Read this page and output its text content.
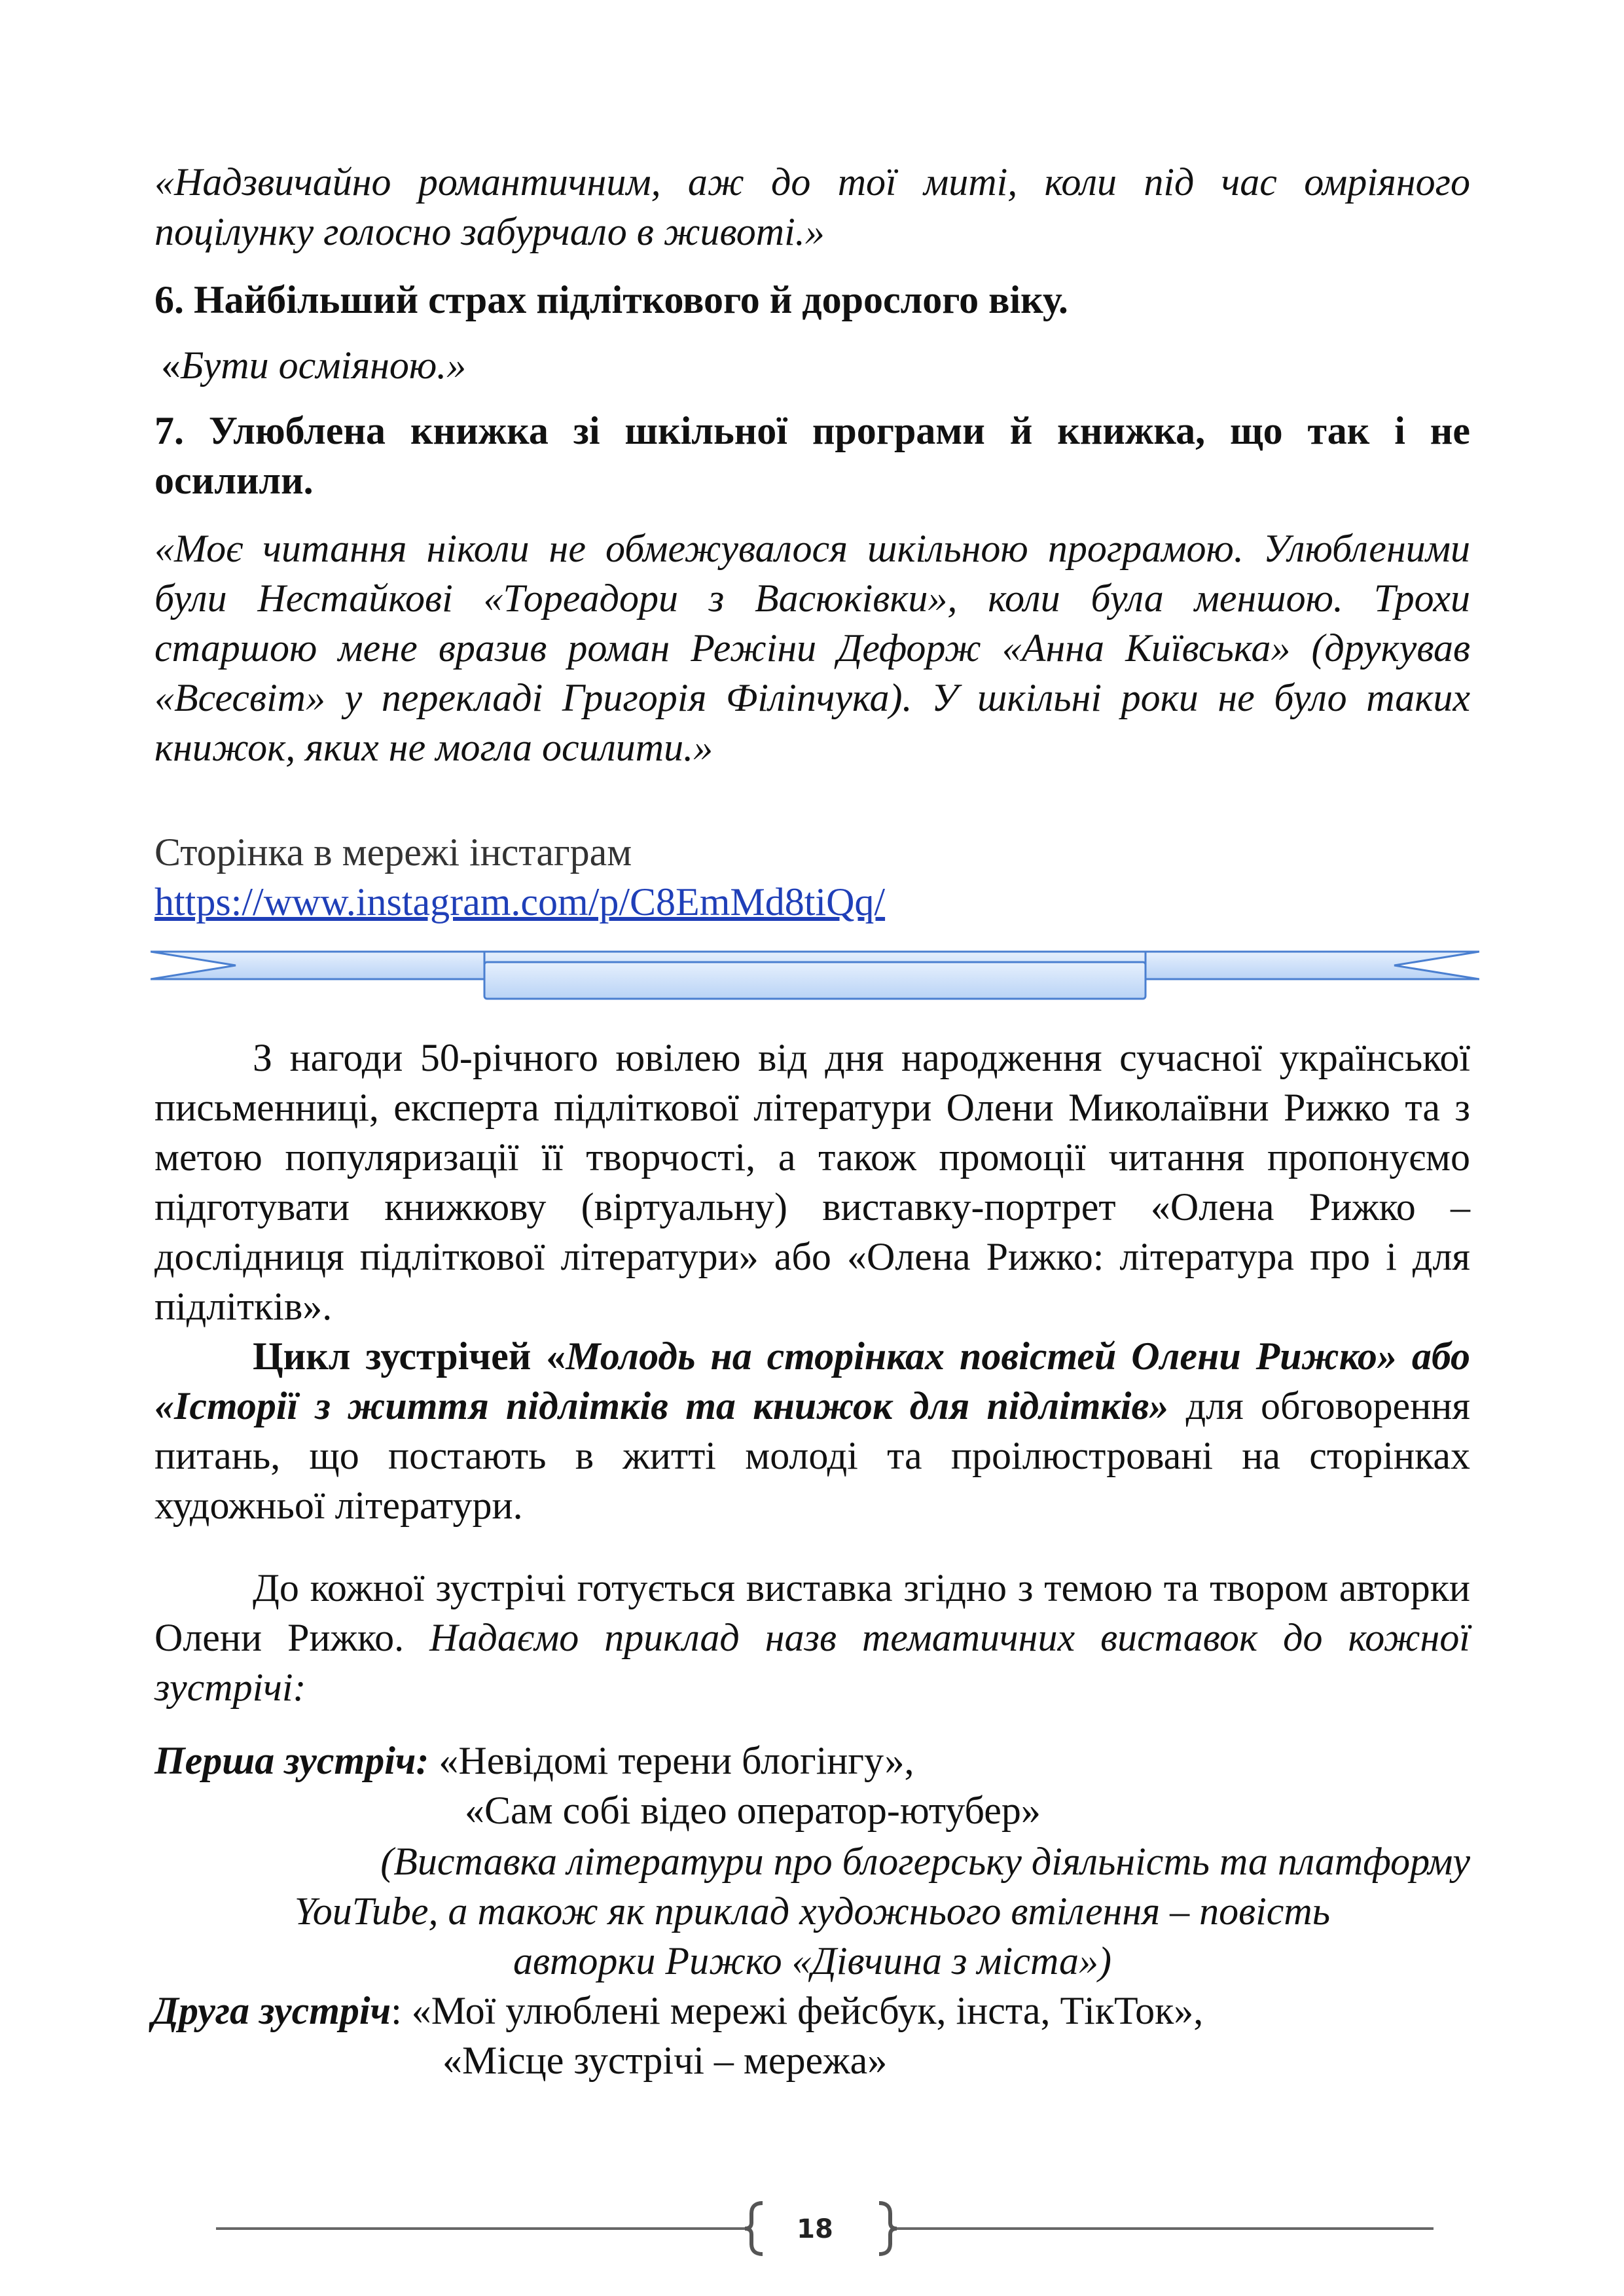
«Надзвичайно романтичним, аж до тої миті, коли під час омріяного поцілунку голосно забурчало в животі.»

6. Найбільший страх підліткового й дорослого віку.

«Бути осміяною.»

7. Улюблена книжка зі шкільної програми й книжка, що так і не осилили.

«Моє читання ніколи не обмежувалося шкільною програмою. Улюбленими були Нестайкові «Тореадори з Васюківки», коли була меншою. Трохи старшою мене вразив роман Режіни Дефорж «Анна Київська» (друкував «Всесвіт» у перекладі Григорія Філіпчука). У шкільні роки не було таких книжок, яких не могла осилити.»

Сторінка в мережі інстаграм

https://www.instagram.com/p/C8EmMd8tiQq/

З нагоди 50-річного ювілею від дня народження сучасної української письменниці, експерта підліткової літератури Олени Миколаївни Рижко та з метою популяризації її творчості, а також промоції читання пропонуємо підготувати книжкову (віртуальну) виставку-портрет «Олена Рижко – дослідниця підліткової літератури» або «Олена Рижко: література про і для підлітків».

Цикл зустрічей «Молодь на сторінках повістей Олени Рижко» або «Історії з життя підлітків та книжок для підлітків» для обговорення питань, що постають в житті молоді та проілюстровані на сторінках художньої літератури.

До кожної зустрічі готується виставка згідно з темою та твором авторки Олени Рижко. Надаємо приклад назв тематичних виставок до кожної зустрічі:

Перша зустріч: «Невідомі терени блогінгу»,

«Сам собі відео оператор-ютубер»

(Виставка літератури про блогерську діяльність та платформу

YouTube, а також як приклад художнього втілення – повість

авторки Рижко «Дівчина з міста»)

Друга зустріч: «Мої улюблені мережі фейсбук, інста, ТікТок»,

«Місце зустрічі – мережа»

18
